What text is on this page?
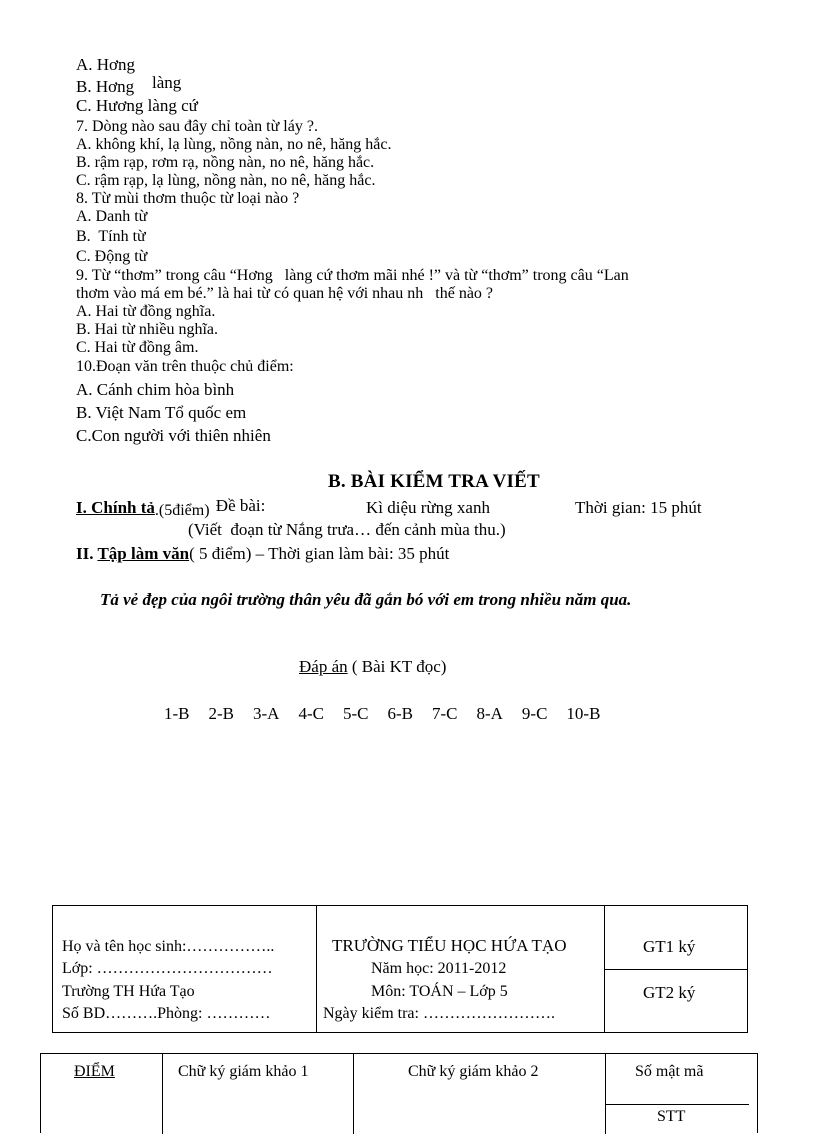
A. Hơng
B. Hơng làng
C. Hương làng cứ
7. Dòng nào sau đây chỉ toàn từ láy ?.
A. không khí, lạ lùng, nồng nàn, no nê, hăng hắc.
B. rậm rạp, rơm rạ, nồng nàn, no nê, hăng hắc.
C. rậm rạp, lạ lùng, nồng nàn, no nê, hăng hắc.
8. Từ mùi thơm thuộc từ loại nào ?
A. Danh từ
B.  Tính từ
C. Động từ
9. Từ “thơm” trong câu “Hơng   làng cứ thơm mãi nhé !” và từ “thơm” trong câu “Lan
thơm vào má em bé.” là hai từ có quan hệ với nhau nh   thế nào ?
A. Hai từ đồng nghĩa.
B. Hai từ nhiều nghĩa.
C. Hai từ đồng âm.
10.Đoạn văn trên thuộc chủ điểm:
A. Cánh chim hòa bình
B. Việt Nam Tổ quốc em
C.Con người với thiên nhiên
B. BÀI KIỂM TRA VIẾT
I. Chính tả.(5điểm) Đề bài:	Kì diệu rừng xanh	Thời gian: 15 phút
(Viết  đoạn từ Nắng trưa… đến cảnh mùa thu.)
II. Tập làm văn( 5 điểm) – Thời gian làm bài: 35 phút
Tả vẻ đẹp của ngôi trường thân yêu đã gắn bó với em trong nhiều năm qua.
Đáp án ( Bài KT đọc)
1-B 2-B 3-A 4-C 5-C 6-B 7-C 8-A 9-C 10-B
Họ và tên học sinh:……………..
Lớp: ……………………………
Trường TH Hứa Tạo
Số BD……….Phòng: …………
TRƯỜNG TIỂU HỌC HỨA TẠO
Năm học: 2011-2012
Môn: TOÁN – Lớp 5
Ngày kiểm tra: …………………….
GT1 ký
GT2 ký
ĐIỂM	Chữ ký giám khảo 1	Chữ ký giám khảo 2	Số mật mã
STT
